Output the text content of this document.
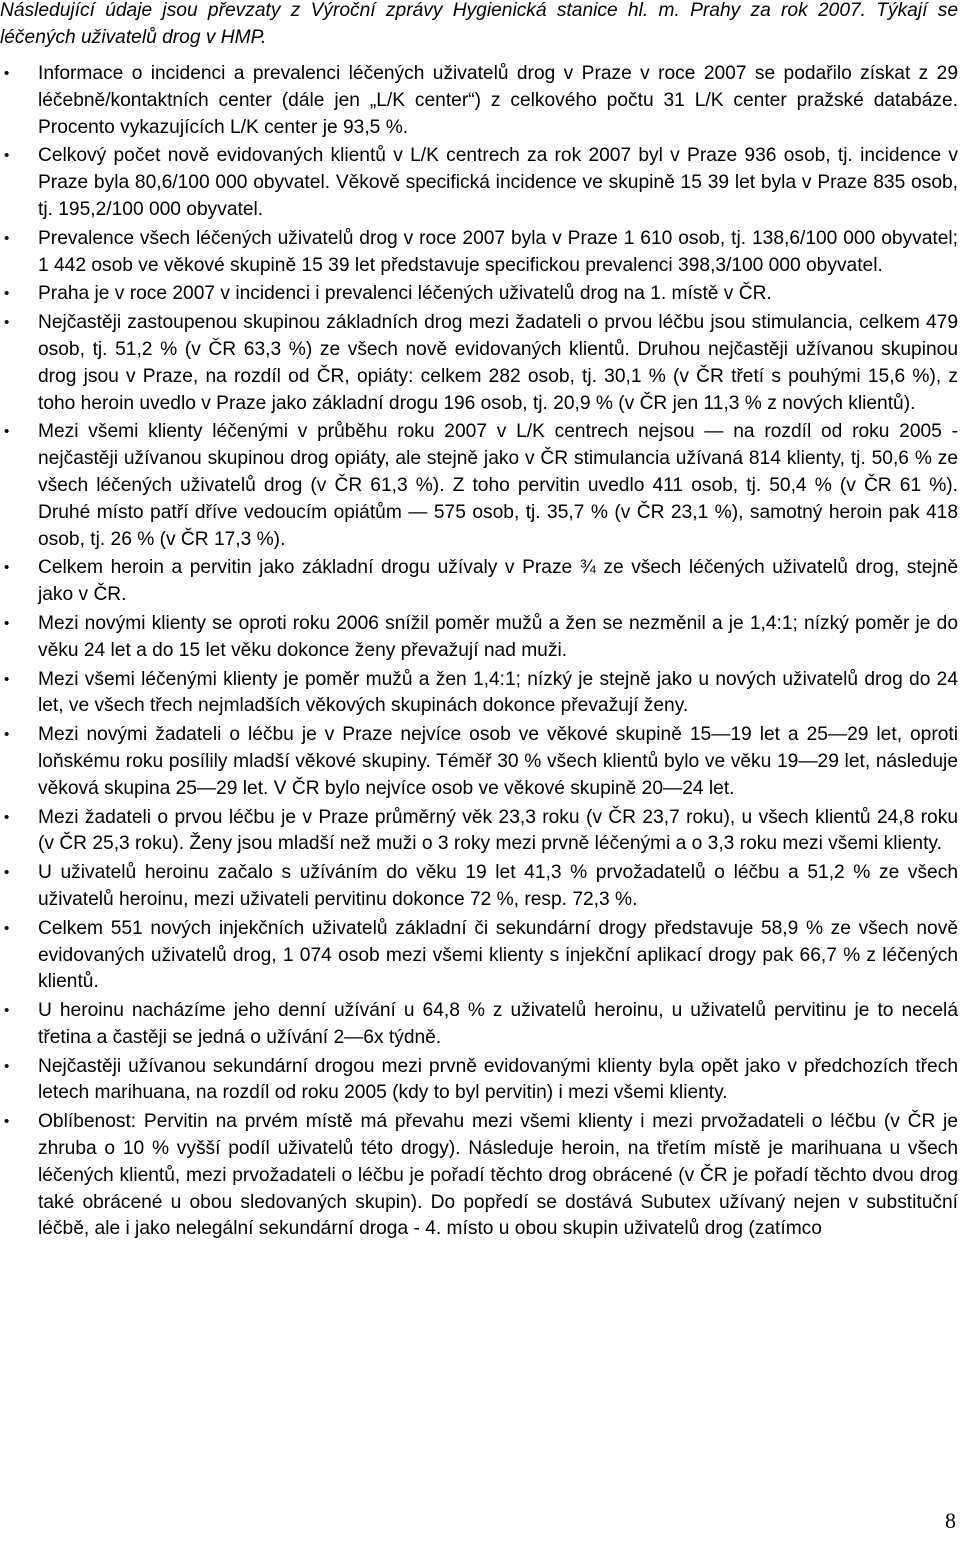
Následující údaje jsou převzaty z Výroční zprávy Hygienická stanice hl. m. Prahy za rok 2007. Týkají se léčených uživatelů drog v HMP.

• Informace o incidenci a prevalenci léčených uživatelů drog v Praze v roce 2007 se podařilo získat z 29 léčebně/kontaktních center (dále jen „L/K center“) z celkového počtu 31 L/K center pražské databáze. Procento vykazujících L/K center je 93,5 %.
• Celkový počet nově evidovaných klientů v L/K centrech za rok 2007 byl v Praze 936 osob, tj. incidence v Praze byla 80,6/100 000 obyvatel. Věkově specifická incidence ve skupině 15 39 let byla v Praze 835 osob, tj. 195,2/100 000 obyvatel.
• Prevalence všech léčených uživatelů drog v roce 2007 byla v Praze 1 610 osob, tj. 138,6/100 000 obyvatel; 1 442 osob ve věkové skupině 15 39 let představuje specifickou prevalenci 398,3/100 000 obyvatel.
• Praha je v roce 2007 v incidenci i prevalenci léčených uživatelů drog na 1. místě v ČR.
• Nejčastěji zastoupenou skupinou základních drog mezi žadateli o prvou léčbu jsou stimulancia, celkem 479 osob, tj. 51,2 % (v ČR 63,3 %) ze všech nově evidovaných klientů. Druhou nejčastěji užívanou skupinou drog jsou v Praze, na rozdíl od ČR, opiáty: celkem 282 osob, tj. 30,1 % (v ČR třetí s pouhými 15,6 %), z toho heroin uvedlo v Praze jako základní drogu 196 osob, tj. 20,9 % (v ČR jen 11,3 % z nových klientů).
• Mezi všemi klienty léčenými v průběhu roku 2007 v L/K centrech nejsou — na rozdíl od roku 2005 - nejčastěji užívanou skupinou drog opiáty, ale stejně jako v ČR stimulancia užívaná 814 klienty, tj. 50,6 % ze všech léčených uživatelů drog (v ČR 61,3 %). Z toho pervitin uvedlo 411 osob, tj. 50,4 % (v ČR 61 %). Druhé místo patří dříve vedoucím opiátům — 575 osob, tj. 35,7 % (v ČR 23,1 %), samotný heroin pak 418 osob, tj. 26 % (v ČR 17,3 %).
• Celkem heroin a pervitin jako základní drogu užívaly v Praze ¾ ze všech léčených uživatelů drog, stejně jako v ČR.
• Mezi novými klienty se oproti roku 2006 snížil poměr mužů a žen se nezměnil a je 1,4:1; nízký poměr je do věku 24 let a do 15 let věku dokonce ženy převažují nad muži.
• Mezi všemi léčenými klienty je poměr mužů a žen 1,4:1; nízký je stejně jako u nových uživatelů drog do 24 let, ve všech třech nejmladších věkových skupinách dokonce převažují ženy.
• Mezi novými žadateli o léčbu je v Praze nejvíce osob ve věkové skupině 15—19 let a 25—29 let, oproti loňskému roku posílily mladší věkové skupiny. Téměř 30 % všech klientů bylo ve věku 19—29 let, následuje věková skupina 25—29 let. V ČR bylo nejvíce osob ve věkové skupině 20—24 let.
• Mezi žadateli o prvou léčbu je v Praze průměrný věk 23,3 roku (v ČR 23,7 roku), u všech klientů 24,8 roku (v ČR 25,3 roku). Ženy jsou mladší než muži o 3 roky mezi prvně léčenými a o 3,3 roku mezi všemi klienty.
• U uživatelů heroinu začalo s užíváním do věku 19 let 41,3 % prvožadatelů o léčbu a 51,2 % ze všech uživatelů heroinu, mezi uživateli pervitinu dokonce 72 %, resp. 72,3 %.
• Celkem 551 nových injekčních uživatelů základní či sekundární drogy představuje 58,9 % ze všech nově evidovaných uživatelů drog, 1 074 osob mezi všemi klienty s injekční aplikací drogy pak 66,7 % z léčených klientů.
• U heroinu nacházíme jeho denní užívání u 64,8 % z uživatelů heroinu, u uživatelů pervitinu je to necelá třetina a častěji se jedná o užívání 2—6x týdně.
• Nejčastěji užívanou sekundární drogou mezi prvně evidovanými klienty byla opět jako v předchozích třech letech marihuana, na rozdíl od roku 2005 (kdy to byl pervitin) i mezi všemi klienty.
• Oblíbenost: Pervitin na prvém místě má převahu mezi všemi klienty i mezi prvožadateli o léčbu (v ČR je zhruba o 10 % vyšší podíl uživatelů této drogy). Následuje heroin, na třetím místě je marihuana u všech léčených klientů, mezi prvožadateli o léčbu je pořadí těchto drog obrácené (v ČR je pořadí těchto dvou drog také obrácené u obou sledovaných skupin). Do popředí se dostává Subutex užívaný nejen v substituční léčbě, ale i jako nelegální sekundární droga - 4. místo u obou skupin uživatelů drog (zatímco
8
